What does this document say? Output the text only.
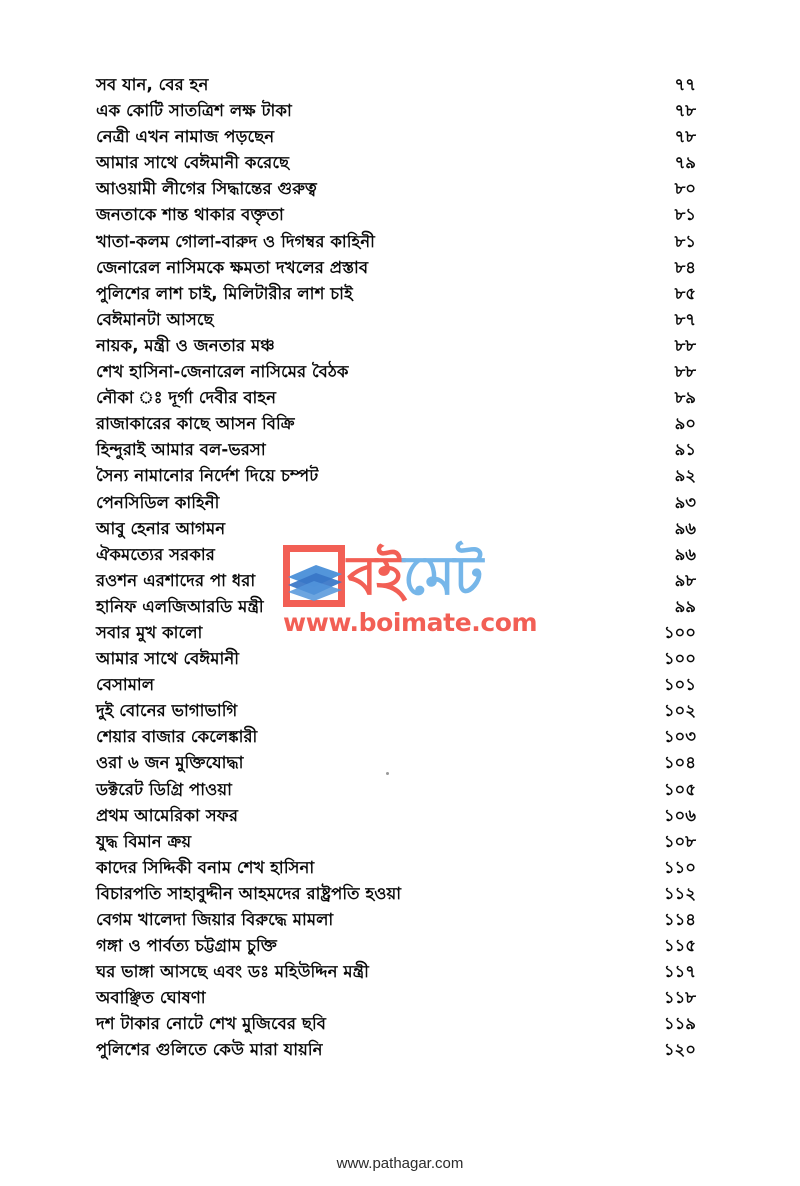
সব যান, বের হন	৭৭
এক কোটি সাতত্রিশ লক্ষ টাকা	৭৮
নেত্রী এখন নামাজ পড়ছেন	৭৮
আমার সাথে বেঈমানী করেছে	৭৯
আওয়ামী লীগের সিদ্ধান্তের গুরুত্ব	৮০
জনতাকে শান্ত থাকার বক্তৃতা	৮১
খাতা-কলম গোলা-বারুদ ও দিগম্বর কাহিনী	৮১
জেনারেল নাসিমকে ক্ষমতা দখলের প্রস্তাব	৮৪
পুলিশের লাশ চাই, মিলিটারীর লাশ চাই	৮৫
বেঈমানটা আসছে	৮৭
নায়ক, মন্ত্রী ও জনতার মঞ্চ	৮৮
শেখ হাসিনা-জেনারেল নাসিমের বৈঠক	৮৮
নৌকা ঃ দূর্গা দেবীর বাহন	৮৯
রাজাকারের কাছে আসন বিক্রি	৯০
হিন্দুরাই আমার বল-ভরসা	৯১
সৈন্য নামানোর নির্দেশ দিয়ে চম্পট	৯২
পেনসিডিল কাহিনী	৯৩
আবু হেনার আগমন	৯৬
ঐকমত্যের সরকার	৯৬
রওশন এরশাদের পা ধরা	৯৮
হানিফ এলজিআরডি মন্ত্রী	৯৯
সবার মুখ কালো	১০০
আমার সাথে বেঈমানী	১০০
বেসামাল	১০১
দুই বোনের ভাগাভাগি	১০২
শেয়ার বাজার কেলেঙ্কারী	১০৩
ওরা ৬ জন মুক্তিযোদ্ধা	১০৪
ডক্টরেট ডিগ্রি পাওয়া	১০৫
প্রথম আমেরিকা সফর	১০৬
যুদ্ধ বিমান ক্রয়	১০৮
কাদের সিদ্দিকী বনাম শেখ হাসিনা	১১০
বিচারপতি সাহাবুদ্দীন আহমদের রাষ্ট্রপতি হওয়া	১১২
বেগম খালেদা জিয়ার বিরুদ্ধে মামলা	১১৪
গঙ্গা ও পার্বত্য চট্টগ্রাম চুক্তি	১১৫
ঘর ভাঙ্গা আসছে এবং ডঃ মহিউদ্দিন মন্ত্রী	১১৭
অবাঞ্ছিত ঘোষণা	১১৮
দশ টাকার নোটে শেখ মুজিবের ছবি	১১৯
পুলিশের গুলিতে কেউ মারা যায়নি	১২০
বইমেট
www.boimate.com
www.pathagar.com
